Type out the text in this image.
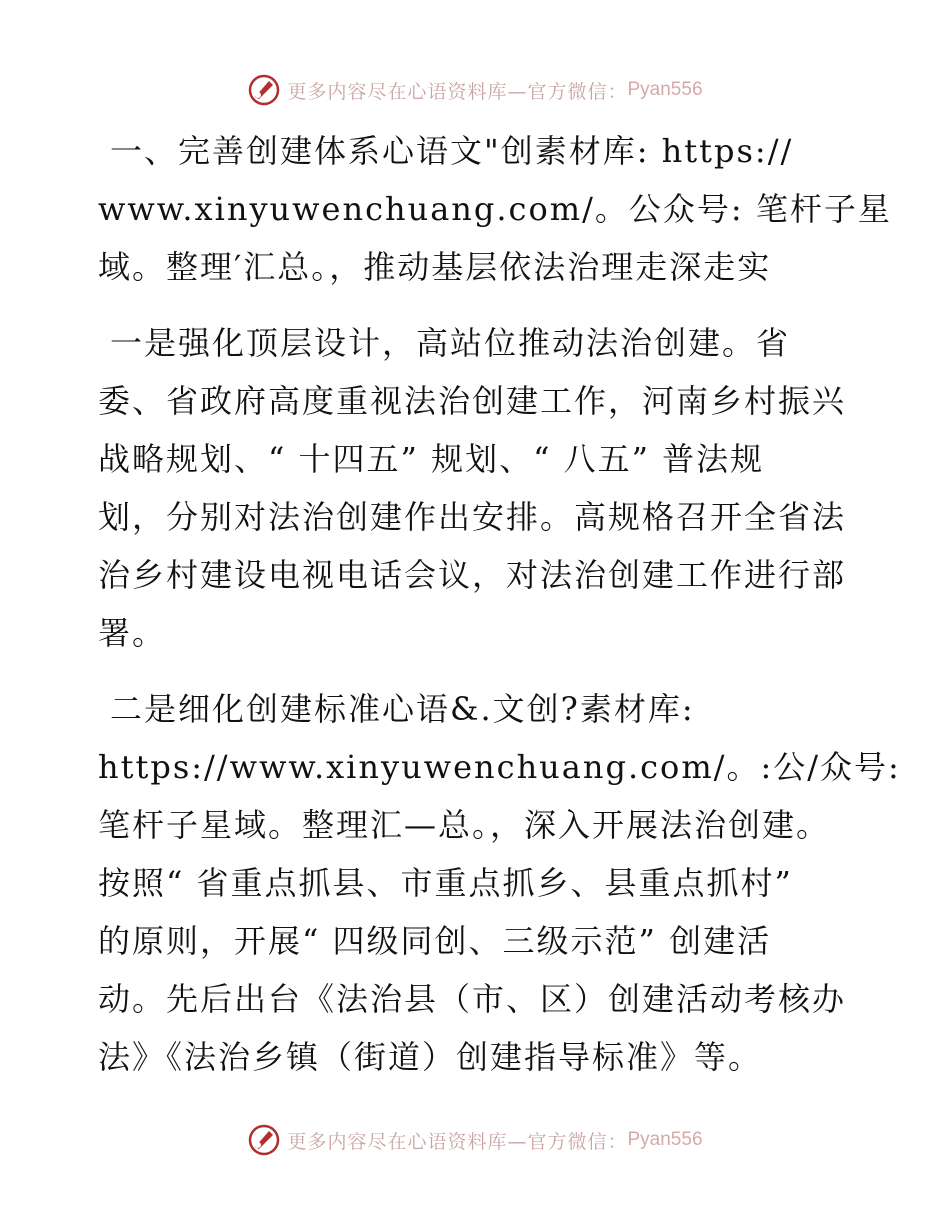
更多内容尽在心语资料库—官方微信： Pyan556
一、完善创建体系心语文"创素材库: https://
www.xinyuwenchuang.com/。公众号: 笔杆子星
域。整理′汇总。，推动基层依法治理走深走实
一是强化顶层设计，高站位推动法治创建。省
委、省政府高度重视法治创建工作，河南乡村振兴
战略规划、“ 十四五” 规划、“ 八五” 普法规
划，分别对法治创建作出安排。高规格召开全省法
治乡村建设电视电话会议，对法治创建工作进行部
署。
二是细化创建标准心语&.文创?素材库:
https://www.xinyuwenchuang.com/。:公/众号:
笔杆子星域。整理汇—总。，深入开展法治创建。
按照“ 省重点抓县、市重点抓乡、县重点抓村”
的原则，开展“ 四级同创、三级示范” 创建活
动。先后出台《法治县（市、区）创建活动考核办
法》《法治乡镇（街道）创建指导标准》等。
更多内容尽在心语资料库—官方微信： Pyan556
